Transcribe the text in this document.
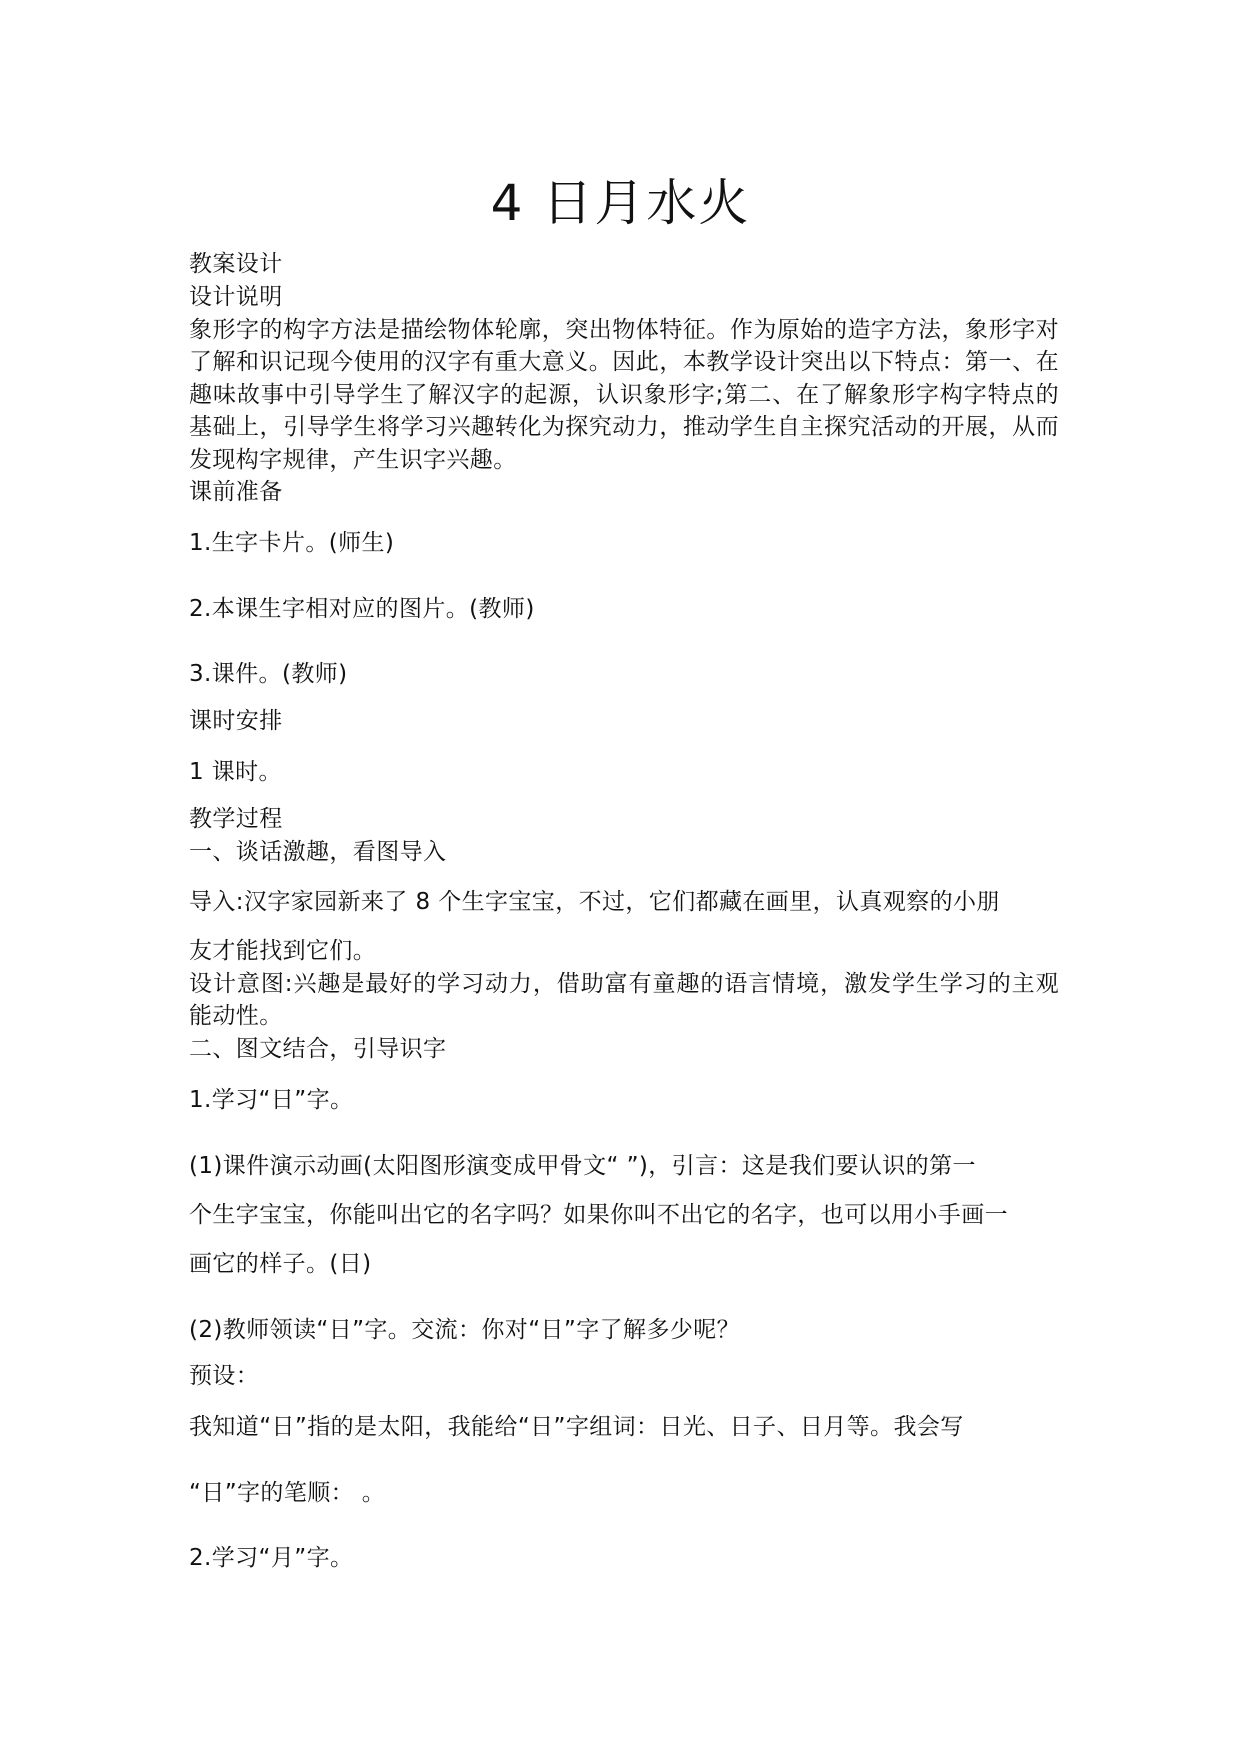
4 日月水火
教案设计
设计说明
象形字的构字方法是描绘物体轮廓，突出物体特征。作为原始的造字方法，象形字对了解和识记现今使用的汉字有重大意义。因此，本教学设计突出以下特点：第一、在趣味故事中引导学生了解汉字的起源，认识象形字;第二、在了解象形字构字特点的基础上，引导学生将学习兴趣转化为探究动力，推动学生自主探究活动的开展，从而发现构字规律，产生识字兴趣。
课前准备
1.生字卡片。(师生)
2.本课生字相对应的图片。(教师)
3.课件。(教师)
课时安排
1 课时。
教学过程
一、谈话激趣，看图导入
导入:汉字家园新来了 8 个生字宝宝，不过，它们都藏在画里，认真观察的小朋
友才能找到它们。
设计意图:兴趣是最好的学习动力，借助富有童趣的语言情境，激发学生学习的主观能动性。
二、图文结合，引导识字
1.学习“日”字。
(1)课件演示动画(太阳图形演变成甲骨文“ ”)，引言：这是我们要认识的第一
个生字宝宝，你能叫出它的名字吗？如果你叫不出它的名字，也可以用小手画一
画它的样子。(日)
(2)教师领读“日”字。交流：你对“日”字了解多少呢？
预设：
我知道“日”指的是太阳，我能给“日”字组词：日光、日子、日月等。我会写
“日”字的笔顺： 。
2.学习“月”字。
